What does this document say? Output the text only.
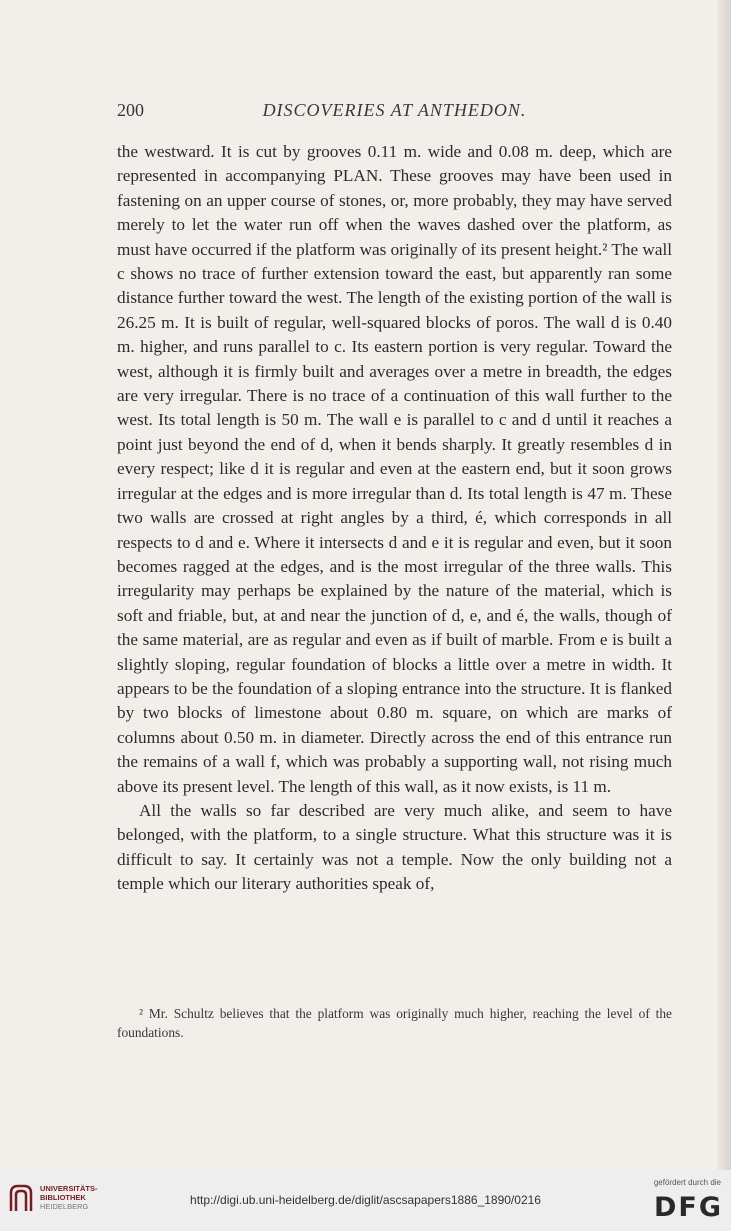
200	DISCOVERIES AT ANTHEDON.

the westward. It is cut by grooves 0.11 m. wide and 0.08 m. deep, which are represented in accompanying PLAN. These grooves may have been used in fastening on an upper course of stones, or, more probably, they may have served merely to let the water run off when the waves dashed over the platform, as must have occurred if the platform was originally of its present height.² The wall c shows no trace of further extension toward the east, but apparently ran some distance further toward the west. The length of the existing portion of the wall is 26.25 m. It is built of regular, well-squared blocks of poros. The wall d is 0.40 m. higher, and runs parallel to c. Its eastern portion is very regular. Toward the west, although it is firmly built and averages over a metre in breadth, the edges are very irregular. There is no trace of a continuation of this wall further to the west. Its total length is 50 m. The wall e is parallel to c and d until it reaches a point just beyond the end of d, when it bends sharply. It greatly resembles d in every respect; like d it is regular and even at the eastern end, but it soon grows irregular at the edges and is more irregular than d. Its total length is 47 m. These two walls are crossed at right angles by a third, é, which corresponds in all respects to d and e. Where it intersects d and e it is regular and even, but it soon becomes ragged at the edges, and is the most irregular of the three walls. This irregularity may perhaps be explained by the nature of the material, which is soft and friable, but, at and near the junction of d, e, and é, the walls, though of the same material, are as regular and even as if built of marble. From e is built a slightly sloping, regular foundation of blocks a little over a metre in width. It appears to be the foundation of a sloping entrance into the structure. It is flanked by two blocks of limestone about 0.80 m. square, on which are marks of columns about 0.50 m. in diameter. Directly across the end of this entrance run the remains of a wall f, which was probably a supporting wall, not rising much above its present level. The length of this wall, as it now exists, is 11 m.

All the walls so far described are very much alike, and seem to have belonged, with the platform, to a single structure. What this structure was it is difficult to say. It certainly was not a temple. Now the only building not a temple which our literary authorities speak of,

² Mr. Schultz believes that the platform was originally much higher, reaching the level of the foundations.
UNIVERSITÄTS-
BIBLIOTHEK
HEIDELBERG	http://digi.ub.uni-heidelberg.de/diglit/ascsapapers1886_1890/0216
gefördert durch die
DFG
